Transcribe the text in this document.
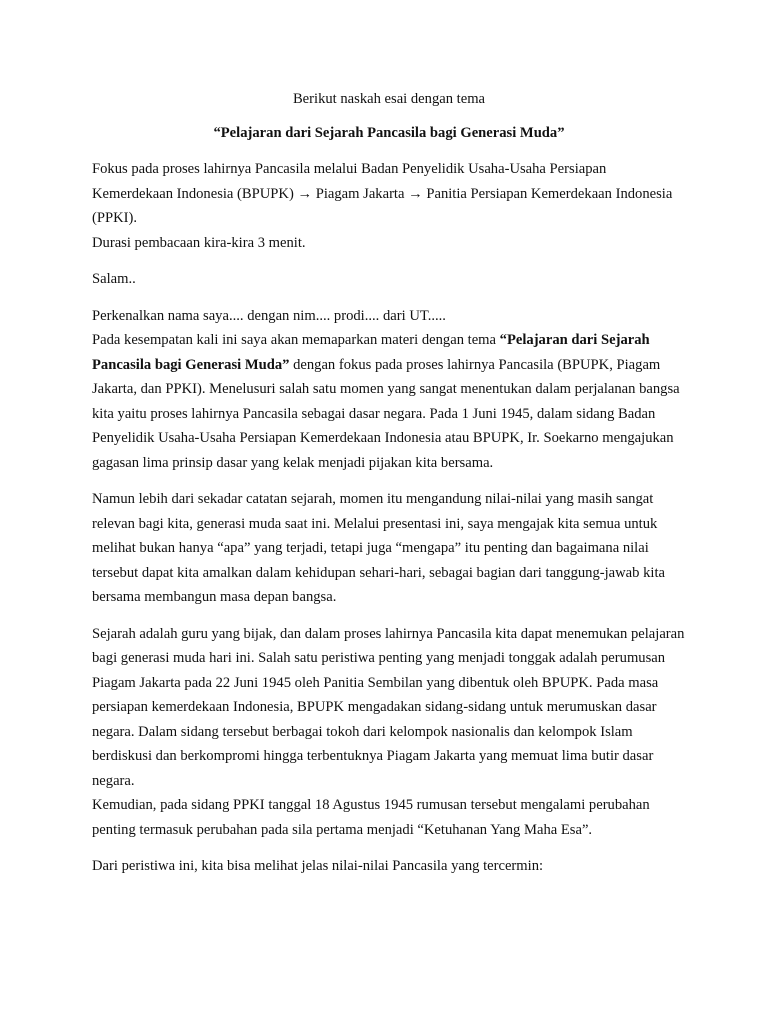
Berikut naskah esai dengan tema

“Pelajaran dari Sejarah Pancasila bagi Generasi Muda”

Fokus pada proses lahirnya Pancasila melalui Badan Penyelidik Usaha-Usaha Persiapan Kemerdekaan Indonesia (BPUPK) → Piagam Jakarta → Panitia Persiapan Kemerdekaan Indonesia (PPKI).

Durasi pembacaan kira-kira 3 menit.

Salam..

Perkenalkan nama saya.... dengan nim.... prodi.... dari UT.....

Pada kesempatan kali ini saya akan memaparkan materi dengan tema “Pelajaran dari Sejarah Pancasila bagi Generasi Muda” dengan fokus pada proses lahirnya Pancasila (BPUPK, Piagam Jakarta, dan PPKI). Menelusuri salah satu momen yang sangat menentukan dalam perjalanan bangsa kita yaitu proses lahirnya Pancasila sebagai dasar negara. Pada 1 Juni 1945, dalam sidang Badan Penyelidik Usaha-Usaha Persiapan Kemerdekaan Indonesia atau BPUPK, Ir. Soekarno mengajukan gagasan lima prinsip dasar yang kelak menjadi pijakan kita bersama.

Namun lebih dari sekadar catatan sejarah, momen itu mengandung nilai-nilai yang masih sangat relevan bagi kita, generasi muda saat ini. Melalui presentasi ini, saya mengajak kita semua untuk melihat bukan hanya “apa” yang terjadi, tetapi juga “mengapa” itu penting dan bagaimana nilai tersebut dapat kita amalkan dalam kehidupan sehari-hari, sebagai bagian dari tanggung-jawab kita bersama membangun masa depan bangsa.

Sejarah adalah guru yang bijak, dan dalam proses lahirnya Pancasila kita dapat menemukan pelajaran bagi generasi muda hari ini. Salah satu peristiwa penting yang menjadi tonggak adalah perumusan Piagam Jakarta pada 22 Juni 1945 oleh Panitia Sembilan yang dibentuk oleh BPUPK. Pada masa persiapan kemerdekaan Indonesia, BPUPK mengadakan sidang-sidang untuk merumuskan dasar negara. Dalam sidang tersebut berbagai tokoh dari kelompok nasionalis dan kelompok Islam berdiskusi dan berkompromi hingga terbentuknya Piagam Jakarta yang memuat lima butir dasar negara.

Kemudian, pada sidang PPKI tanggal 18 Agustus 1945 rumusan tersebut mengalami perubahan penting termasuk perubahan pada sila pertama menjadi “Ketuhanan Yang Maha Esa”.

Dari peristiwa ini, kita bisa melihat jelas nilai-nilai Pancasila yang tercermin:
